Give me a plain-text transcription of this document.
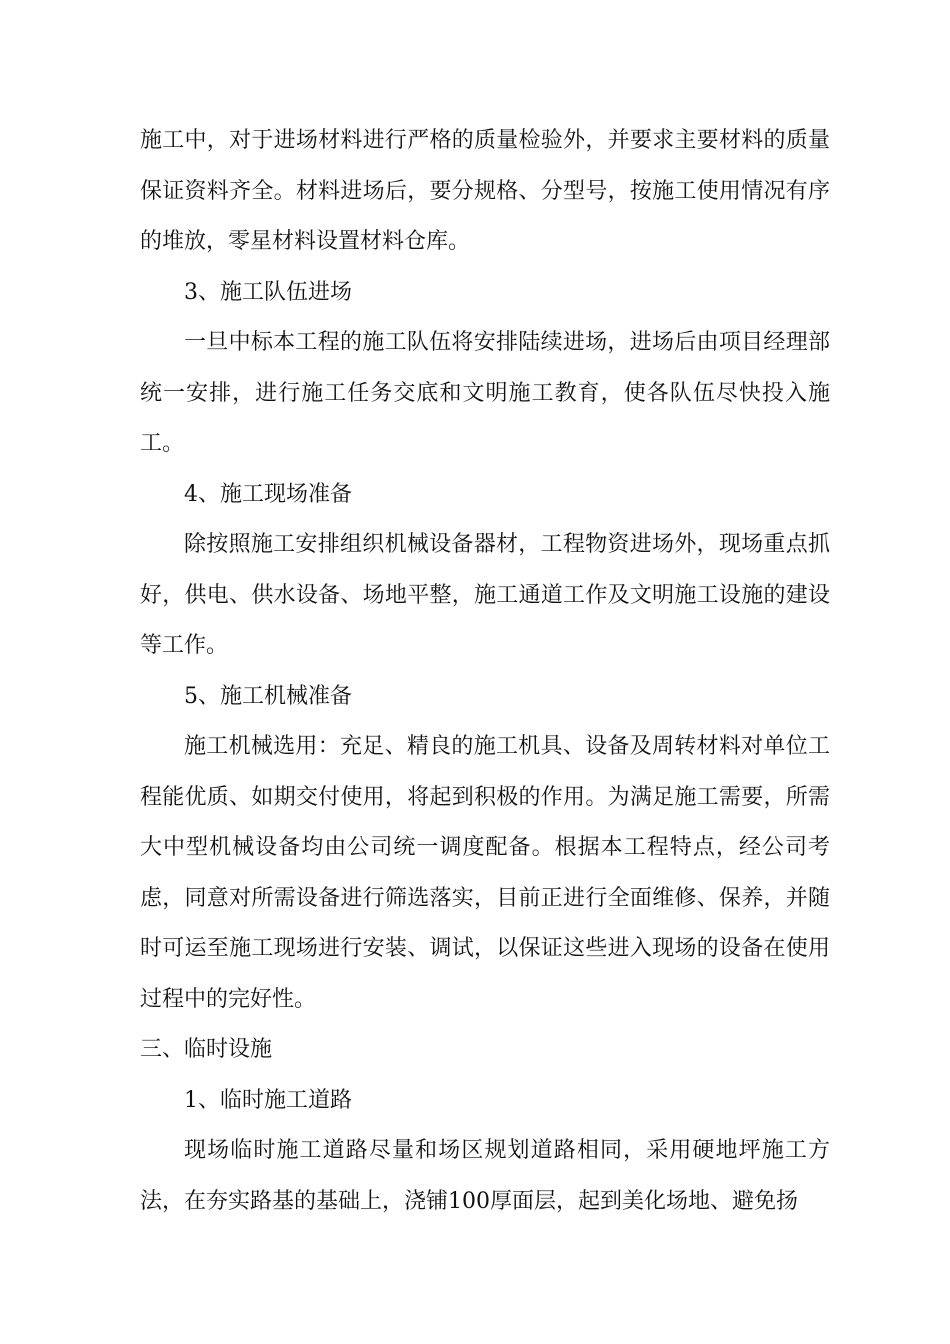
施工中，对于进场材料进行严格的质量检验外，并要求主要材料的质量保证资料齐全。材料进场后，要分规格、分型号，按施工使用情况有序的堆放，零星材料设置材料仓库。

3、施工队伍进场

一旦中标本工程的施工队伍将安排陆续进场，进场后由项目经理部统一安排，进行施工任务交底和文明施工教育，使各队伍尽快投入施工。

4、施工现场准备

除按照施工安排组织机械设备器材，工程物资进场外，现场重点抓好，供电、供水设备、场地平整，施工通道工作及文明施工设施的建设等工作。

5、施工机械准备

施工机械选用：充足、精良的施工机具、设备及周转材料对单位工程能优质、如期交付使用，将起到积极的作用。为满足施工需要，所需大中型机械设备均由公司统一调度配备。根据本工程特点，经公司考虑，同意对所需设备进行筛选落实，目前正进行全面维修、保养，并随时可运至施工现场进行安装、调试，以保证这些进入现场的设备在使用过程中的完好性。

三、临时设施

1、临时施工道路

现场临时施工道路尽量和场区规划道路相同，采用硬地坪施工方法，在夯实路基的基础上，浇铺100厚面层，起到美化场地、避免扬
